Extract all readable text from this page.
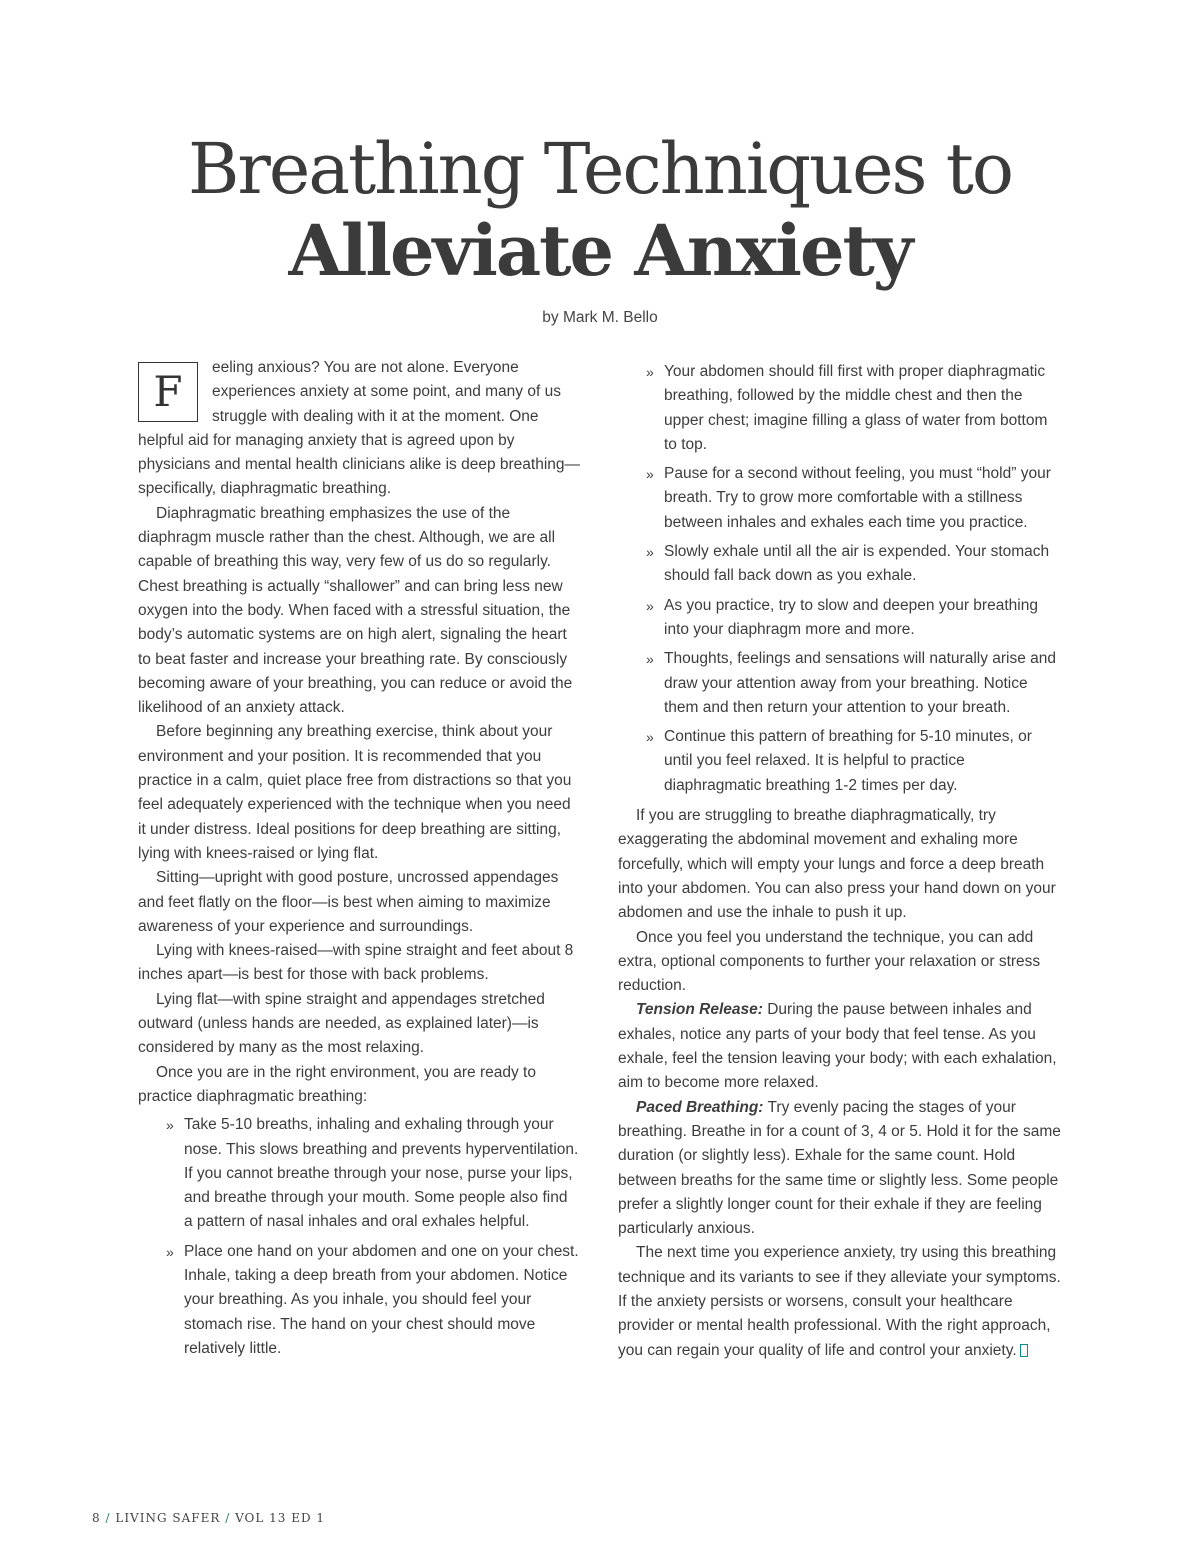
Breathing Techniques to
Alleviate Anxiety
by Mark M. Bello

F	eeling anxious? You are not alone. Everyone experiences anxiety at some point, and many of us struggle with dealing with it at the moment. One helpful aid for managing anxiety that is agreed upon by physicians and mental health clinicians alike is deep breathing—specifically, diaphragmatic breathing.

Diaphragmatic breathing emphasizes the use of the diaphragm muscle rather than the chest. Although, we are all capable of breathing this way, very few of us do so regularly. Chest breathing is actually “shallower” and can bring less new oxygen into the body. When faced with a stressful situation, the body’s automatic systems are on high alert, signaling the heart to beat faster and increase your breathing rate. By consciously becoming aware of your breathing, you can reduce or avoid the likelihood of an anxiety attack.

Before beginning any breathing exercise, think about your environment and your position. It is recommended that you practice in a calm, quiet place free from distractions so that you feel adequately experienced with the technique when you need it under distress. Ideal positions for deep breathing are sitting, lying with knees-raised or lying flat.

Sitting—upright with good posture, uncrossed appendages and feet flatly on the floor—is best when aiming to maximize awareness of your experience and surroundings.

Lying with knees-raised—with spine straight and feet about 8 inches apart—is best for those with back problems.

Lying flat—with spine straight and appendages stretched outward (unless hands are needed, as explained later)—is considered by many as the most relaxing.

Once you are in the right environment, you are ready to practice diaphragmatic breathing:

» Take 5-10 breaths, inhaling and exhaling through your nose. This slows breathing and prevents hyperventilation. If you cannot breathe through your nose, purse your lips, and breathe through your mouth. Some people also find a pattern of nasal inhales and oral exhales helpful.
» Place one hand on your abdomen and one on your chest. Inhale, taking a deep breath from your abdomen. Notice your breathing. As you inhale, you should feel your stomach rise. The hand on your chest should move relatively little.
» Your abdomen should fill first with proper diaphragmatic breathing, followed by the middle chest and then the upper chest; imagine filling a glass of water from bottom to top.
» Pause for a second without feeling, you must “hold” your breath. Try to grow more comfortable with a stillness between inhales and exhales each time you practice.
» Slowly exhale until all the air is expended. Your stomach should fall back down as you exhale.
» As you practice, try to slow and deepen your breathing into your diaphragm more and more.
» Thoughts, feelings and sensations will naturally arise and draw your attention away from your breathing. Notice them and then return your attention to your breath.
» Continue this pattern of breathing for 5-10 minutes, or until you feel relaxed. It is helpful to practice diaphragmatic breathing 1-2 times per day.

If you are struggling to breathe diaphragmatically, try exaggerating the abdominal movement and exhaling more forcefully, which will empty your lungs and force a deep breath into your abdomen. You can also press your hand down on your abdomen and use the inhale to push it up.

Once you feel you understand the technique, you can add extra, optional components to further your relaxation or stress reduction.

Tension Release: During the pause between inhales and exhales, notice any parts of your body that feel tense. As you exhale, feel the tension leaving your body; with each exhalation, aim to become more relaxed.

Paced Breathing: Try evenly pacing the stages of your breathing. Breathe in for a count of 3, 4 or 5. Hold it for the same duration (or slightly less). Exhale for the same count. Hold between breaths for the same time or slightly less. Some people prefer a slightly longer count for their exhale if they are feeling particularly anxious.

The next time you experience anxiety, try using this breathing technique and its variants to see if they alleviate your symptoms. If the anxiety persists or worsens, consult your healthcare provider or mental health professional. With the right approach, you can regain your quality of life and control your anxiety.

8 / LIVING SAFER / VOL 13 ED 1
